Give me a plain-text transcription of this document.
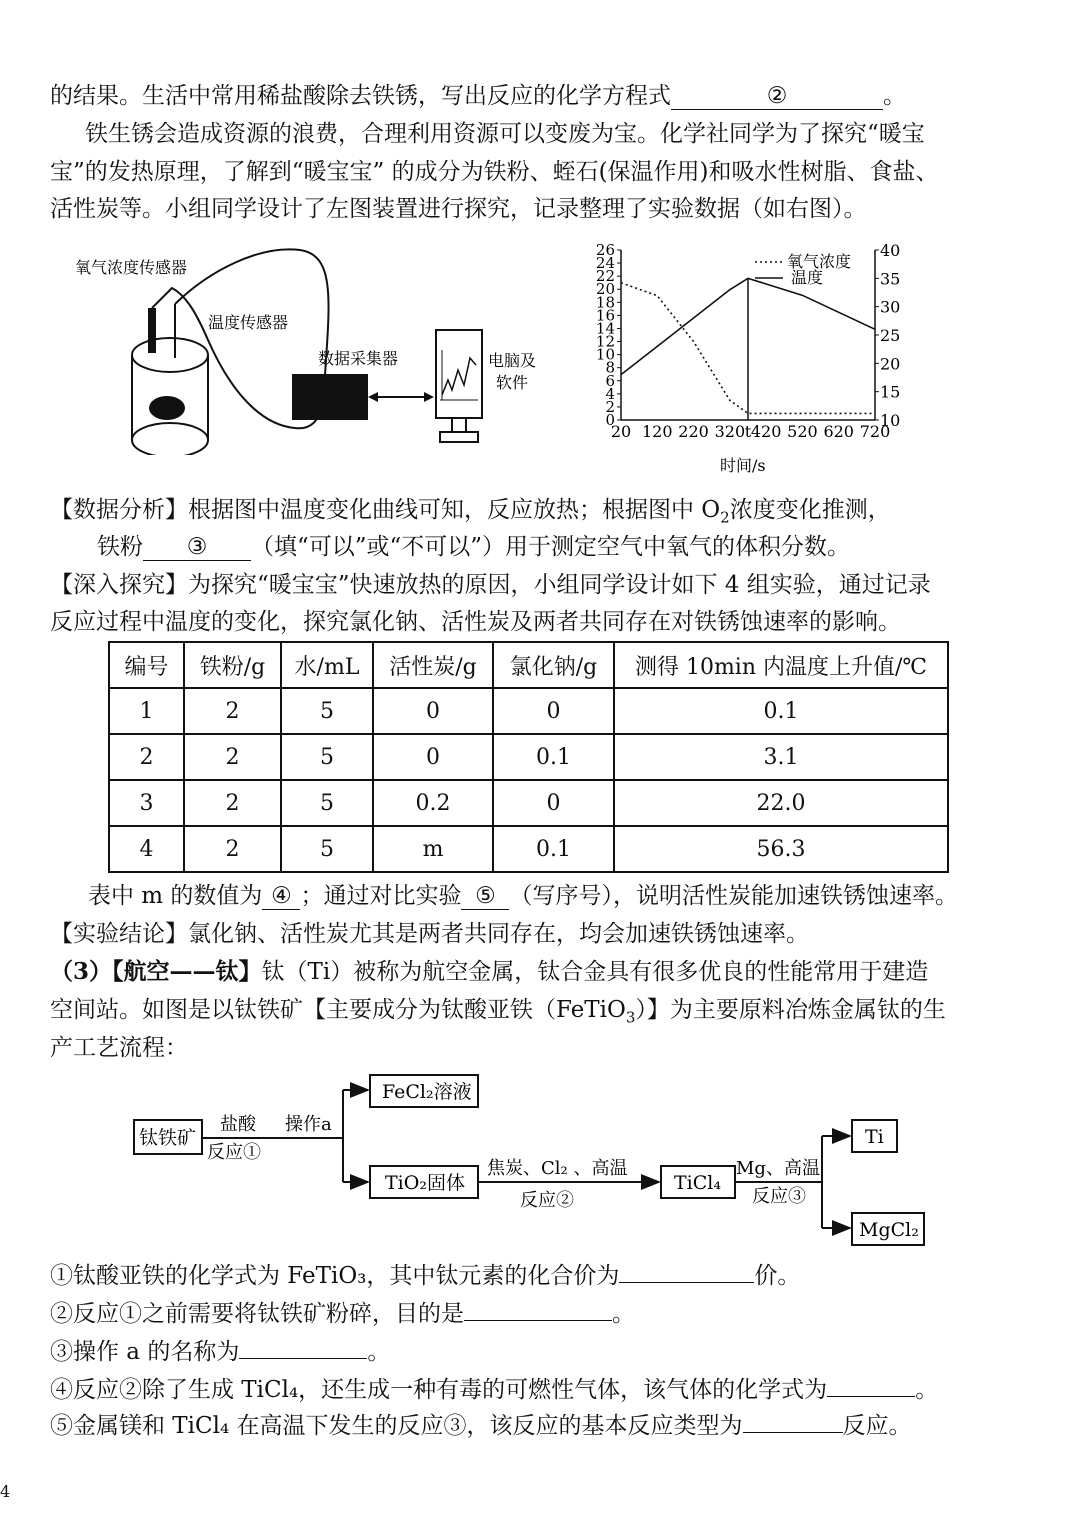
的结果。生活中常用稀盐酸除去铁锈，写出反应的化学方程式	②	。
铁生锈会造成资源的浪费，合理利用资源可以变废为宝。化学社同学为了探究“暖宝
宝”的发热原理，了解到“暖宝宝” 的成分为铁粉、蛭石(保温作用)和吸水性树脂、食盐、
活性炭等。小组同学设计了左图装置进行探究，记录整理了实验数据（如右图）。
氧气浓度传感器
温度传感器
数据采集器	电脑及
软件
0
2
4
6
8
10
12
14
16
18
20
22
24
26
10
15
20
25
30
35
40
20 120 220 320 t 420 520 620 720
氧气浓度
温度
时间/s
【数据分析】根据图中温度变化曲线可知，反应放热；根据图中 $O_2$浓度变化推测，
铁粉 ③ （填“可以”或“不可以”）用于测定空气中氧气的体积分数。
【深入探究】为探究“暖宝宝”快速放热的原因，小组同学设计如下 4 组实验，通过记录
反应过程中温度的变化，探究氯化钠、活性炭及两者共同存在对铁锈蚀速率的影响。
编号	铁粉/g	水/mL	活性炭/g	氯化钠/g	测得 10min 内温度上升值/℃
1	2	5	0	0	0.1
2	2	5	0	0.1	3.1
3	2	5	0.2	0	22.0
4	2	5	m	0.1	56.3
表中 m 的数值为 ④ ；通过对比实验 ⑤ （写序号），说明活性炭能加速铁锈蚀速率。
【实验结论】氯化钠、活性炭尤其是两者共同存在，均会加速铁锈蚀速率。
（3）【航空——钛】钛（Ti）被称为航空金属，钛合金具有很多优良的性能常用于建造
空间站。如图是以钛铁矿【主要成分为钛酸亚铁（FeTiO$_3$）】为主要原料冶炼金属钛的生
产工艺流程：
钛铁矿
盐酸
反应①
操作a
FeCl₂溶液
TiO₂固体
焦炭、Cl₂ 、高温
反应②
TiCl₄
Mg、高温
反应③
Ti
MgCl₂
①钛酸亚铁的化学式为 FeTiO₃，其中钛元素的化合价为	价。
②反应①之前需要将钛铁矿粉碎，目的是	。
③操作 a 的名称为	。
④反应②除了生成 TiCl₄，还生成一种有毒的可燃性气体，该气体的化学式为	。
⑤金属镁和 TiCl₄ 在高温下发生的反应③，该反应的基本反应类型为	反应。
4
